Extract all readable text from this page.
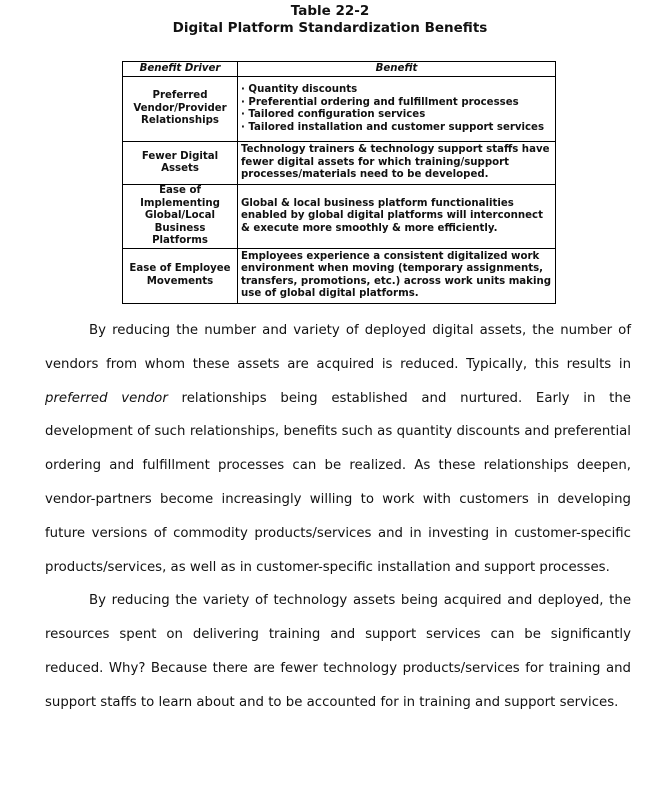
Table 22-2
Digital Platform Standardization Benefits
Benefit Driver	Benefit
Preferred Vendor/Provider Relationships	· Quantity discounts
· Preferential ordering and fulfillment processes
· Tailored configuration services
· Tailored installation and customer support services

Fewer Digital Assets	Technology trainers & technology support staffs have fewer digital assets for which training/support processes/materials need to be developed.
Ease of Implementing Global/Local Business Platforms	Global & local business platform functionalities enabled by global digital platforms will interconnect & execute more smoothly & more efficiently.
Ease of Employee Movements	Employees experience a consistent digitalized work environment when moving (temporary assignments, transfers, promotions, etc.) across work units making use of global digital platforms.

By reducing the number and variety of deployed digital assets, the number of vendors from whom these assets are acquired is reduced. Typically, this results in preferred vendor relationships being established and nurtured. Early in the development of such relationships, benefits such as quantity discounts and preferential ordering and fulfillment processes can be realized. As these relationships deepen, vendor-partners become increasingly willing to work with customers in developing future versions of commodity products/services and in investing in customer-specific products/services, as well as in customer-specific installation and support processes.

By reducing the variety of technology assets being acquired and deployed, the resources spent on delivering training and support services can be significantly reduced. Why? Because there are fewer technology products/services for training and support staffs to learn about and to be accounted for in training and support services.
